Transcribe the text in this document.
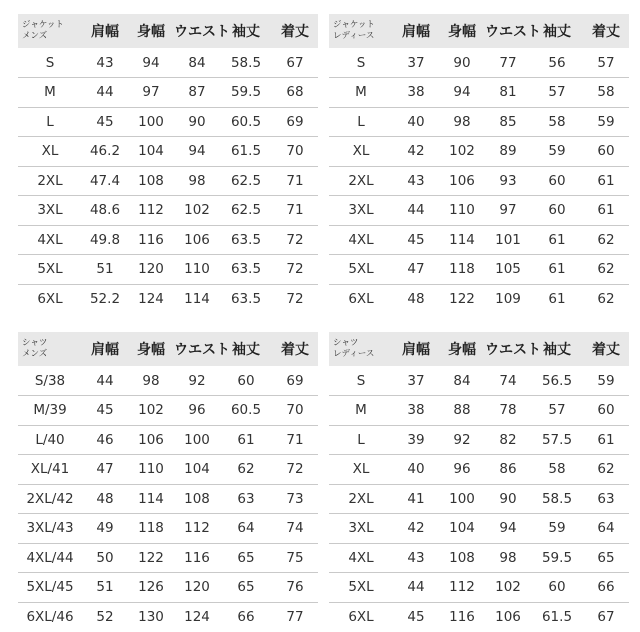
ジャケット
メンズ	肩幅	身幅	ウエスト	袖丈	着丈
S	43	94	84	58.5	67
M	44	97	87	59.5	68
L	45	100	90	60.5	69
XL	46.2	104	94	61.5	70
2XL	47.4	108	98	62.5	71
3XL	48.6	112	102	62.5	71
4XL	49.8	116	106	63.5	72
5XL	51	120	110	63.5	72
6XL	52.2	124	114	63.5	72
ジャケット
レディース	肩幅	身幅	ウエスト	袖丈	着丈
S	37	90	77	56	57
M	38	94	81	57	58
L	40	98	85	58	59
XL	42	102	89	59	60
2XL	43	106	93	60	61
3XL	44	110	97	60	61
4XL	45	114	101	61	62
5XL	47	118	105	61	62
6XL	48	122	109	61	62
シャツ
メンズ	肩幅	身幅	ウエスト	袖丈	着丈
S/38	44	98	92	60	69
M/39	45	102	96	60.5	70
L/40	46	106	100	61	71
XL/41	47	110	104	62	72
2XL/42	48	114	108	63	73
3XL/43	49	118	112	64	74
4XL/44	50	122	116	65	75
5XL/45	51	126	120	65	76
6XL/46	52	130	124	66	77
シャツ
レディース	肩幅	身幅	ウエスト	袖丈	着丈
S	37	84	74	56.5	59
M	38	88	78	57	60
L	39	92	82	57.5	61
XL	40	96	86	58	62
2XL	41	100	90	58.5	63
3XL	42	104	94	59	64
4XL	43	108	98	59.5	65
5XL	44	112	102	60	66
6XL	45	116	106	61.5	67
